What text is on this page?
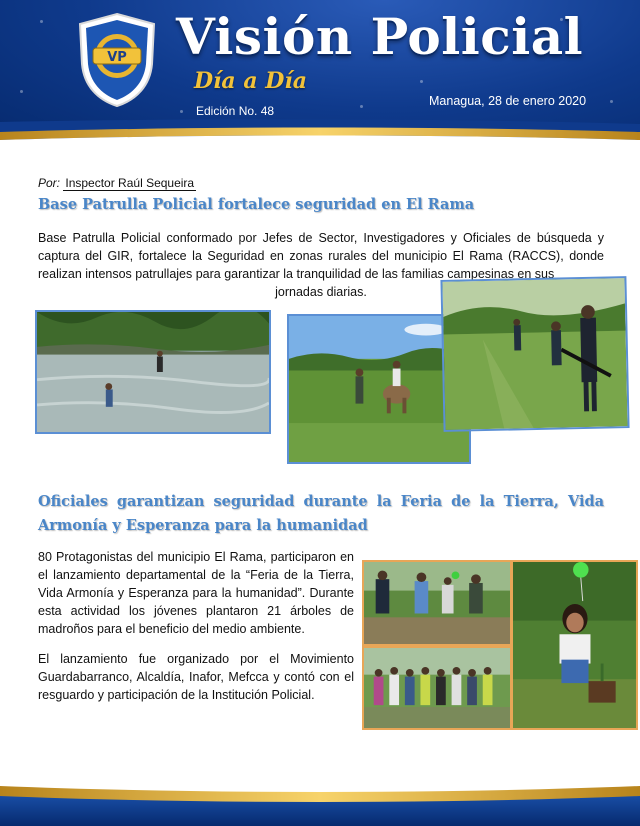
VP Visión Policial
Día a Día
Edición No. 48
Managua, 28 de enero 2020
Por: Inspector Raúl Sequeira
Base Patrulla Policial fortalece seguridad en El Rama
Base Patrulla Policial conformado por Jefes de Sector, Investigadores y Oficiales de búsqueda y captura del GIR, fortalece la Seguridad en zonas rurales del municipio El Rama (RACCS), donde realizan intensos patrullajes para garantizar la tranquilidad de las familias campesinas en sus
jornadas diarias.
Oficiales garantizan seguridad durante la Feria de la Tierra, Vida
Armonía y Esperanza para la humanidad

80 Protagonistas del municipio El Rama, participaron en el lanzamiento departamental de la “Feria de la Tierra, Vida Armonía y Esperanza para la humanidad”. Durante esta actividad los jóvenes plantaron 21 árboles de madroños para el beneficio del medio ambiente.

El lanzamiento fue organizado por el Movimiento Guardabarranco, Alcaldía, Inafor, Mefcca y contó con el resguardo y participación de la Institución Policial.
